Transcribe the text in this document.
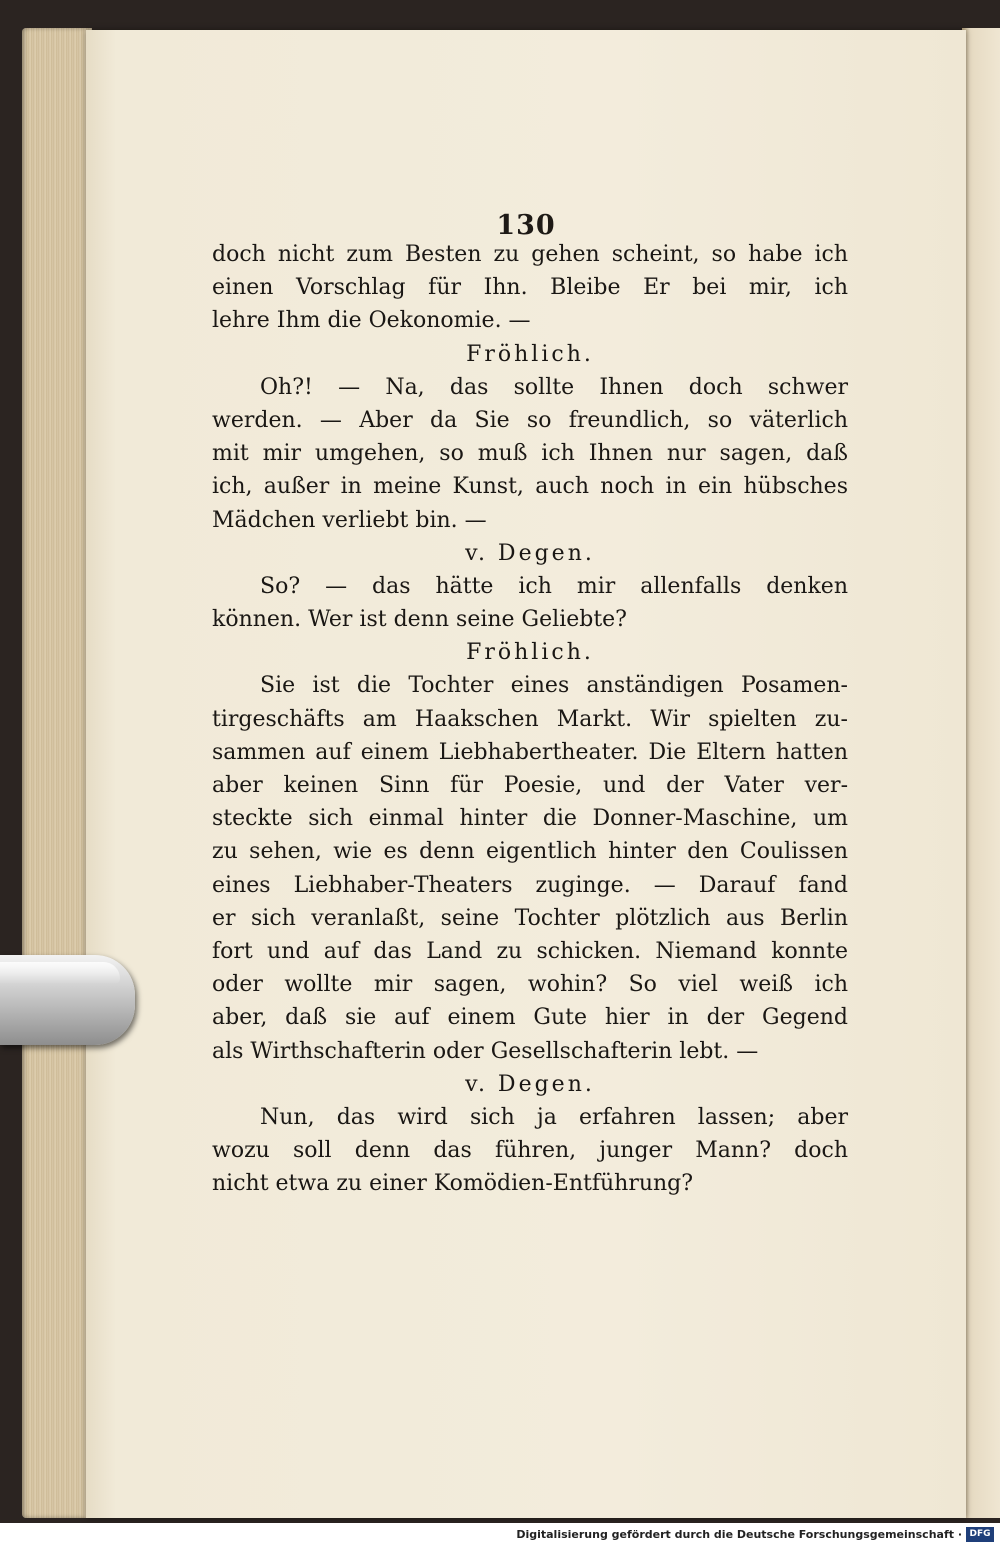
130
doch nicht zum Besten zu gehen scheint, so habe ich
einen Vorschlag für Ihn. Bleibe Er bei mir, ich
lehre Ihm die Oekonomie. —
Fröhlich.
Oh?! — Na, das sollte Ihnen doch schwer
werden. — Aber da Sie so freundlich, so väterlich
mit mir umgehen, so muß ich Ihnen nur sagen, daß
ich, außer in meine Kunst, auch noch in ein hübsches
Mädchen verliebt bin. —
v. Degen.
So? — das hätte ich mir allenfalls denken
können. Wer ist denn seine Geliebte?
Fröhlich.
Sie ist die Tochter eines anständigen Posamen-
tirgeschäfts am Haakschen Markt. Wir spielten zu-
sammen auf einem Liebhabertheater. Die Eltern hatten
aber keinen Sinn für Poesie, und der Vater ver-
steckte sich einmal hinter die Donner-Maschine, um
zu sehen, wie es denn eigentlich hinter den Coulissen
eines Liebhaber-Theaters zuginge. — Darauf fand
er sich veranlaßt, seine Tochter plötzlich aus Berlin
fort und auf das Land zu schicken. Niemand konnte
oder wollte mir sagen, wohin? So viel weiß ich
aber, daß sie auf einem Gute hier in der Gegend
als Wirthschafterin oder Gesellschafterin lebt. —
v. Degen.
Nun, das wird sich ja erfahren lassen; aber
wozu soll denn das führen, junger Mann? doch
nicht etwa zu einer Komödien-Entführung?
Digitalisierung gefördert durch die Deutsche Forschungsgemeinschaft · DFG
